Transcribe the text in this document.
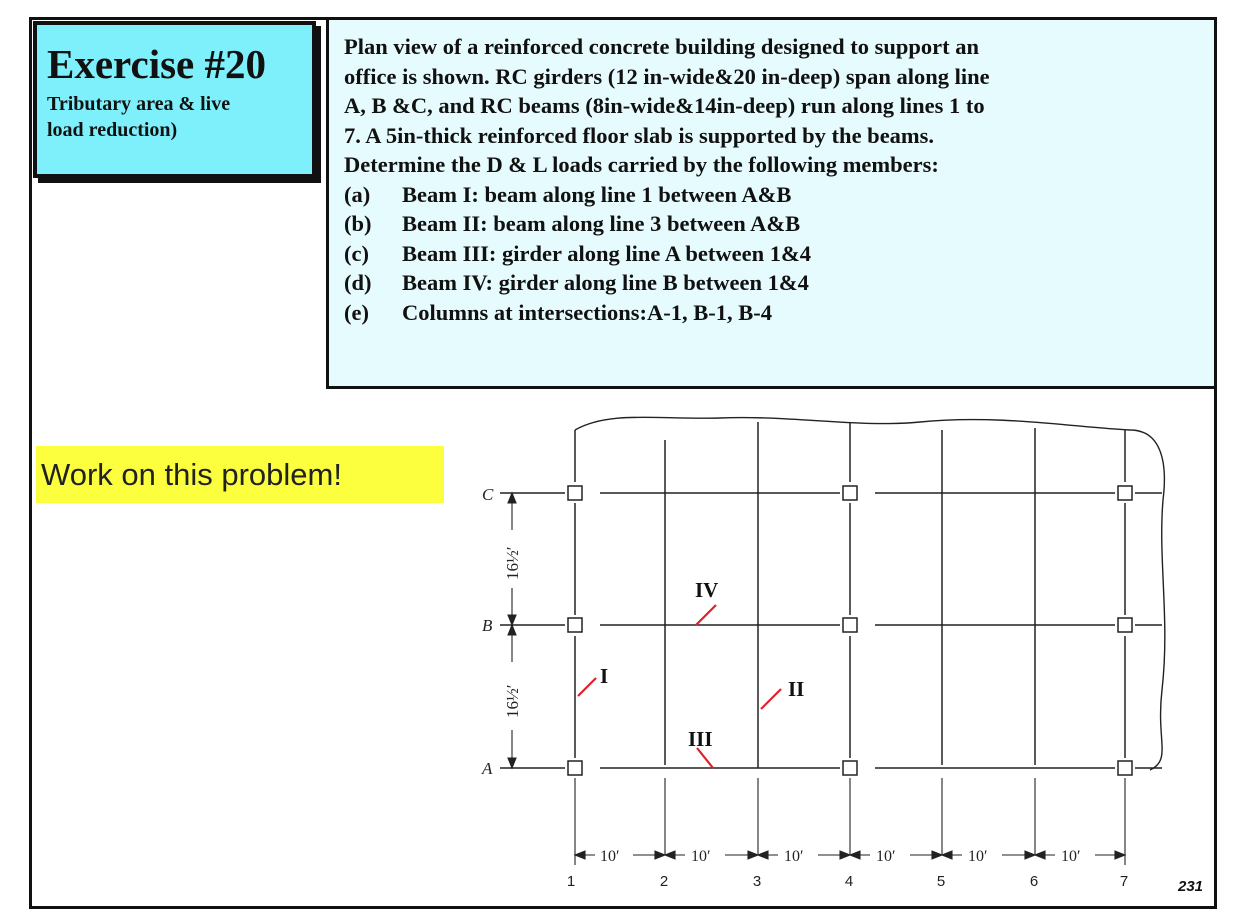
Exercise #20
Tributary area & live
load reduction)

Plan view of a reinforced concrete building designed to support an

office is shown. RC girders (12 in-wide&20 in-deep) span along line

A, B &C, and RC beams (8in-wide&14in-deep) run along lines 1 to

7. A 5in-thick reinforced floor slab is supported by the beams.

Determine the D & L loads carried by the following members:

(a)	Beam I: beam along line 1 between A&B
(b)	Beam II: beam along line 3 between A&B
(c)	Beam III: girder along line A between 1&4
(d)	Beam IV: girder along line B between 1&4
(e)	Columns at intersections:A-1, B-1, B-4
Work on this problem!
C
B
A
16½′
16½′
10′	10′	10′	10′	10′	10′
1	2	3	4	5	6	7
I
II
III
IV
231
